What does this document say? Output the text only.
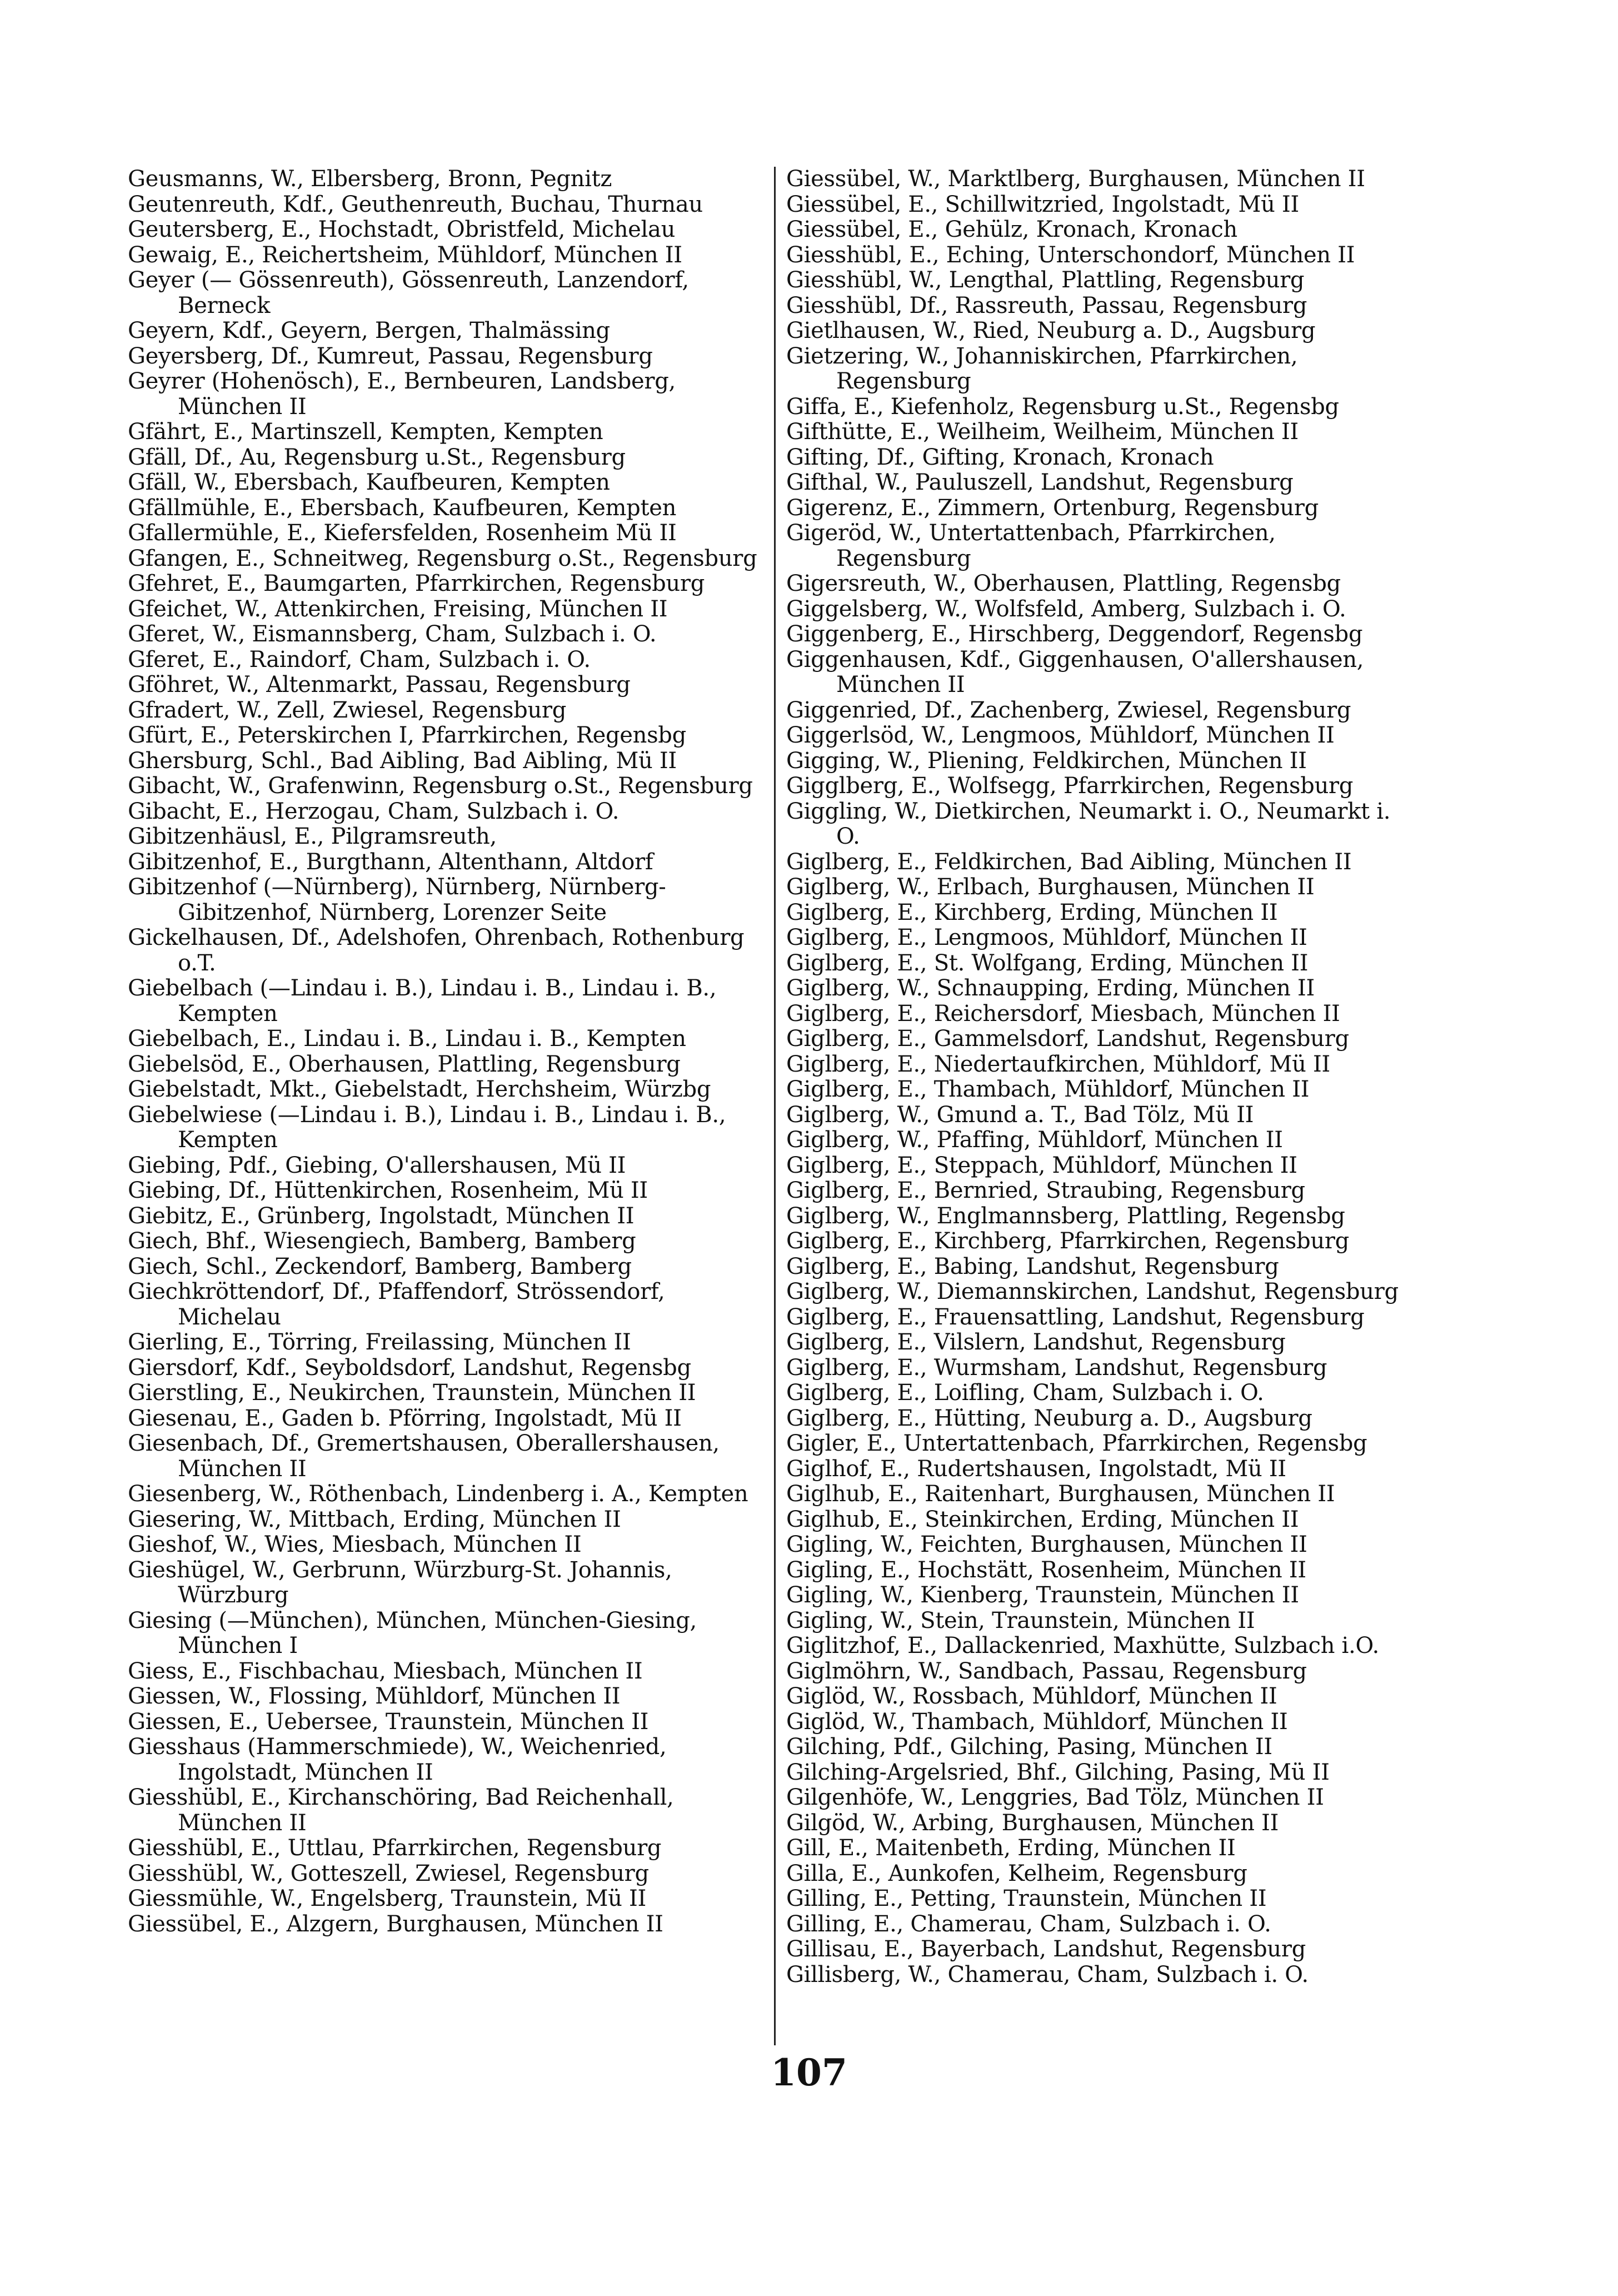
Geusmanns, W., Elbersberg, Bronn, Pegnitz
Geutenreuth, Kdf., Geuthenreuth, Buchau, Thurnau
Geutersberg, E., Hochstadt, Obristfeld, Michelau
Gewaig, E., Reichertsheim, Mühldorf, München II
Geyer (— Gössenreuth), Gössenreuth, Lanzendorf, Berneck
Geyern, Kdf., Geyern, Bergen, Thalmässing
Geyersberg, Df., Kumreut, Passau, Regensburg
Geyrer (Hohenösch), E., Bernbeuren, Landsberg, München II
Gfährt, E., Martinszell, Kempten, Kempten
Gfäll, Df., Au, Regensburg u.St., Regensburg
Gfäll, W., Ebersbach, Kaufbeuren, Kempten
Gfällmühle, E., Ebersbach, Kaufbeuren, Kempten
Gfallermühle, E., Kiefersfelden, Rosenheim Mü II
Gfangen, E., Schneitweg, Regensburg o.St., Regensburg
Gfehret, E., Baumgarten, Pfarrkirchen, Regensburg
Gfeichet, W., Attenkirchen, Freising, München II
Gferet, W., Eismannsberg, Cham, Sulzbach i. O.
Gferet, E., Raindorf, Cham, Sulzbach i. O.
Gföhret, W., Altenmarkt, Passau, Regensburg
Gfradert, W., Zell, Zwiesel, Regensburg
Gfürt, E., Peterskirchen I, Pfarrkirchen, Regensbg
Ghersburg, Schl., Bad Aibling, Bad Aibling, Mü II
Gibacht, W., Grafenwinn, Regensburg o.St., Regensburg
Gibacht, E., Herzogau, Cham, Sulzbach i. O.
Gibitzenhäusl, E., Pilgramsreuth,
Gibitzenhof, E., Burgthann, Altenthann, Altdorf
Gibitzenhof (—Nürnberg), Nürnberg, Nürnberg-Gibitzenhof, Nürnberg, Lorenzer Seite
Gickelhausen, Df., Adelshofen, Ohrenbach, Rothenburg o.T.
Giebelbach (—Lindau i. B.), Lindau i. B., Lindau i. B., Kempten
Giebelbach, E., Lindau i. B., Lindau i. B., Kempten
Giebelsöd, E., Oberhausen, Plattling, Regensburg
Giebelstadt, Mkt., Giebelstadt, Herchsheim, Würzbg
Giebelwiese (—Lindau i. B.), Lindau i. B., Lindau i. B., Kempten
Giebing, Pdf., Giebing, O'allershausen, Mü II
Giebing, Df., Hüttenkirchen, Rosenheim, Mü II
Giebitz, E., Grünberg, Ingolstadt, München II
Giech, Bhf., Wiesengiech, Bamberg, Bamberg
Giech, Schl., Zeckendorf, Bamberg, Bamberg
Giechkröttendorf, Df., Pfaffendorf, Strössendorf, Michelau
Gierling, E., Törring, Freilassing, München II
Giersdorf, Kdf., Seyboldsdorf, Landshut, Regensbg
Gierstling, E., Neukirchen, Traunstein, München II
Giesenau, E., Gaden b. Pförring, Ingolstadt, Mü II
Giesenbach, Df., Gremertshausen, Oberallershausen, München II
Giesenberg, W., Röthenbach, Lindenberg i. A., Kempten
Giesering, W., Mittbach, Erding, München II
Gieshof, W., Wies, Miesbach, München II
Gieshügel, W., Gerbrunn, Würzburg-St. Johannis, Würzburg
Giesing (—München), München, München-Giesing, München I
Giess, E., Fischbachau, Miesbach, München II
Giessen, W., Flossing, Mühldorf, München II
Giessen, E., Uebersee, Traunstein, München II
Giesshaus (Hammerschmiede), W., Weichenried, Ingolstadt, München II
Giesshübl, E., Kirchanschöring, Bad Reichenhall, München II
Giesshübl, E., Uttlau, Pfarrkirchen, Regensburg
Giesshübl, W., Gotteszell, Zwiesel, Regensburg
Giessmühle, W., Engelsberg, Traunstein, Mü II
Giessübel, E., Alzgern, Burghausen, München II
Giessübel, W., Marktlberg, Burghausen, München II
Giessübel, E., Schillwitzried, Ingolstadt, Mü II
Giessübel, E., Gehülz, Kronach, Kronach
Giesshübl, E., Eching, Unterschondorf, München II
Giesshübl, W., Lengthal, Plattling, Regensburg
Giesshübl, Df., Rassreuth, Passau, Regensburg
Gietlhausen, W., Ried, Neuburg a. D., Augsburg
Gietzering, W., Johanniskirchen, Pfarrkirchen, Regensburg
Giffa, E., Kiefenholz, Regensburg u.St., Regensbg
Gifthütte, E., Weilheim, Weilheim, München II
Gifting, Df., Gifting, Kronach, Kronach
Gifthal, W., Pauluszell, Landshut, Regensburg
Gigerenz, E., Zimmern, Ortenburg, Regensburg
Gigeröd, W., Untertattenbach, Pfarrkirchen, Regensburg
Gigersreuth, W., Oberhausen, Plattling, Regensbg
Giggelsberg, W., Wolfsfeld, Amberg, Sulzbach i. O.
Giggenberg, E., Hirschberg, Deggendorf, Regensbg
Giggenhausen, Kdf., Giggenhausen, O'allershausen, München II
Giggenried, Df., Zachenberg, Zwiesel, Regensburg
Giggerlsöd, W., Lengmoos, Mühldorf, München II
Gigging, W., Pliening, Feldkirchen, München II
Gigglberg, E., Wolfsegg, Pfarrkirchen, Regensburg
Giggling, W., Dietkirchen, Neumarkt i. O., Neumarkt i. O.
Giglberg, E., Feldkirchen, Bad Aibling, München II
Giglberg, W., Erlbach, Burghausen, München II
Giglberg, E., Kirchberg, Erding, München II
Giglberg, E., Lengmoos, Mühldorf, München II
Giglberg, E., St. Wolfgang, Erding, München II
Giglberg, W., Schnaupping, Erding, München II
Giglberg, E., Reichersdorf, Miesbach, München II
Giglberg, E., Gammelsdorf, Landshut, Regensburg
Giglberg, E., Niedertaufkirchen, Mühldorf, Mü II
Giglberg, E., Thambach, Mühldorf, München II
Giglberg, W., Gmund a. T., Bad Tölz, Mü II
Giglberg, W., Pfaffing, Mühldorf, München II
Giglberg, E., Steppach, Mühldorf, München II
Giglberg, E., Bernried, Straubing, Regensburg
Giglberg, W., Englmannsberg, Plattling, Regensbg
Giglberg, E., Kirchberg, Pfarrkirchen, Regensburg
Giglberg, E., Babing, Landshut, Regensburg
Giglberg, W., Diemannskirchen, Landshut, Regensburg
Giglberg, E., Frauensattling, Landshut, Regensburg
Giglberg, E., Vilslern, Landshut, Regensburg
Giglberg, E., Wurmsham, Landshut, Regensburg
Giglberg, E., Loifling, Cham, Sulzbach i. O.
Giglberg, E., Hütting, Neuburg a. D., Augsburg
Gigler, E., Untertattenbach, Pfarrkirchen, Regensbg
Giglhof, E., Rudertshausen, Ingolstadt, Mü II
Giglhub, E., Raitenhart, Burghausen, München II
Giglhub, E., Steinkirchen, Erding, München II
Gigling, W., Feichten, Burghausen, München II
Gigling, E., Hochstätt, Rosenheim, München II
Gigling, W., Kienberg, Traunstein, München II
Gigling, W., Stein, Traunstein, München II
Giglitzhof, E., Dallackenried, Maxhütte, Sulzbach i.O.
Giglmöhrn, W., Sandbach, Passau, Regensburg
Giglöd, W., Rossbach, Mühldorf, München II
Giglöd, W., Thambach, Mühldorf, München II
Gilching, Pdf., Gilching, Pasing, München II
Gilching-Argelsried, Bhf., Gilching, Pasing, Mü II
Gilgenhöfe, W., Lenggries, Bad Tölz, München II
Gilgöd, W., Arbing, Burghausen, München II
Gill, E., Maitenbeth, Erding, München II
Gilla, E., Aunkofen, Kelheim, Regensburg
Gilling, E., Petting, Traunstein, München II
Gilling, E., Chamerau, Cham, Sulzbach i. O.
Gillisau, E., Bayerbach, Landshut, Regensburg
Gillisberg, W., Chamerau, Cham, Sulzbach i. O.
107
